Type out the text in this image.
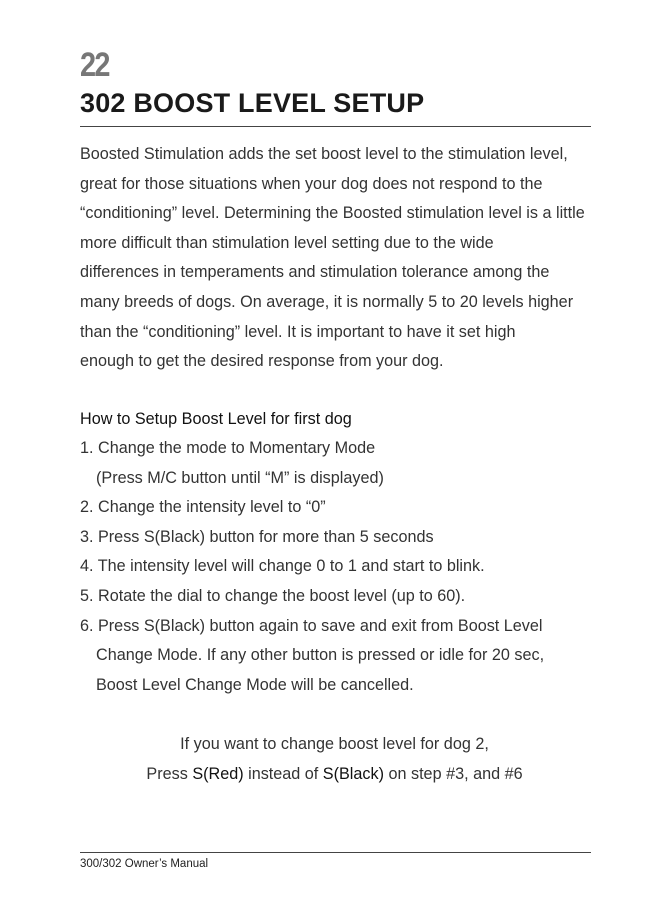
22
302 BOOST LEVEL SETUP

Boosted Stimulation adds the set boost level to the stimulation level,
great for those situations when your dog does not respond to the
“conditioning” level. Determining the Boosted stimulation level is a little
more difficult than stimulation level setting due to the wide
differences in temperaments and stimulation tolerance among the
many breeds of dogs. On average, it is normally 5 to 20 levels higher
than the “conditioning” level. It is important to have it set high
enough to get the desired response from your dog.

How to Setup Boost Level for first dog

1. Change the mode to Momentary Mode
(Press M/C button until “M” is displayed)
2. Change the intensity level to “0”
3. Press S(Black) button for more than 5 seconds
4. The intensity level will change 0 to 1 and start to blink.
5. Rotate the dial to change the boost level (up to 60).
6. Press S(Black) button again to save and exit from Boost Level
Change Mode. If any other button is pressed or idle for 20 sec,
Boost Level Change Mode will be cancelled.
If you want to change boost level for dog 2,
Press S(Red) instead of S(Black) on step #3, and #6
300/302 Owner’s Manual
